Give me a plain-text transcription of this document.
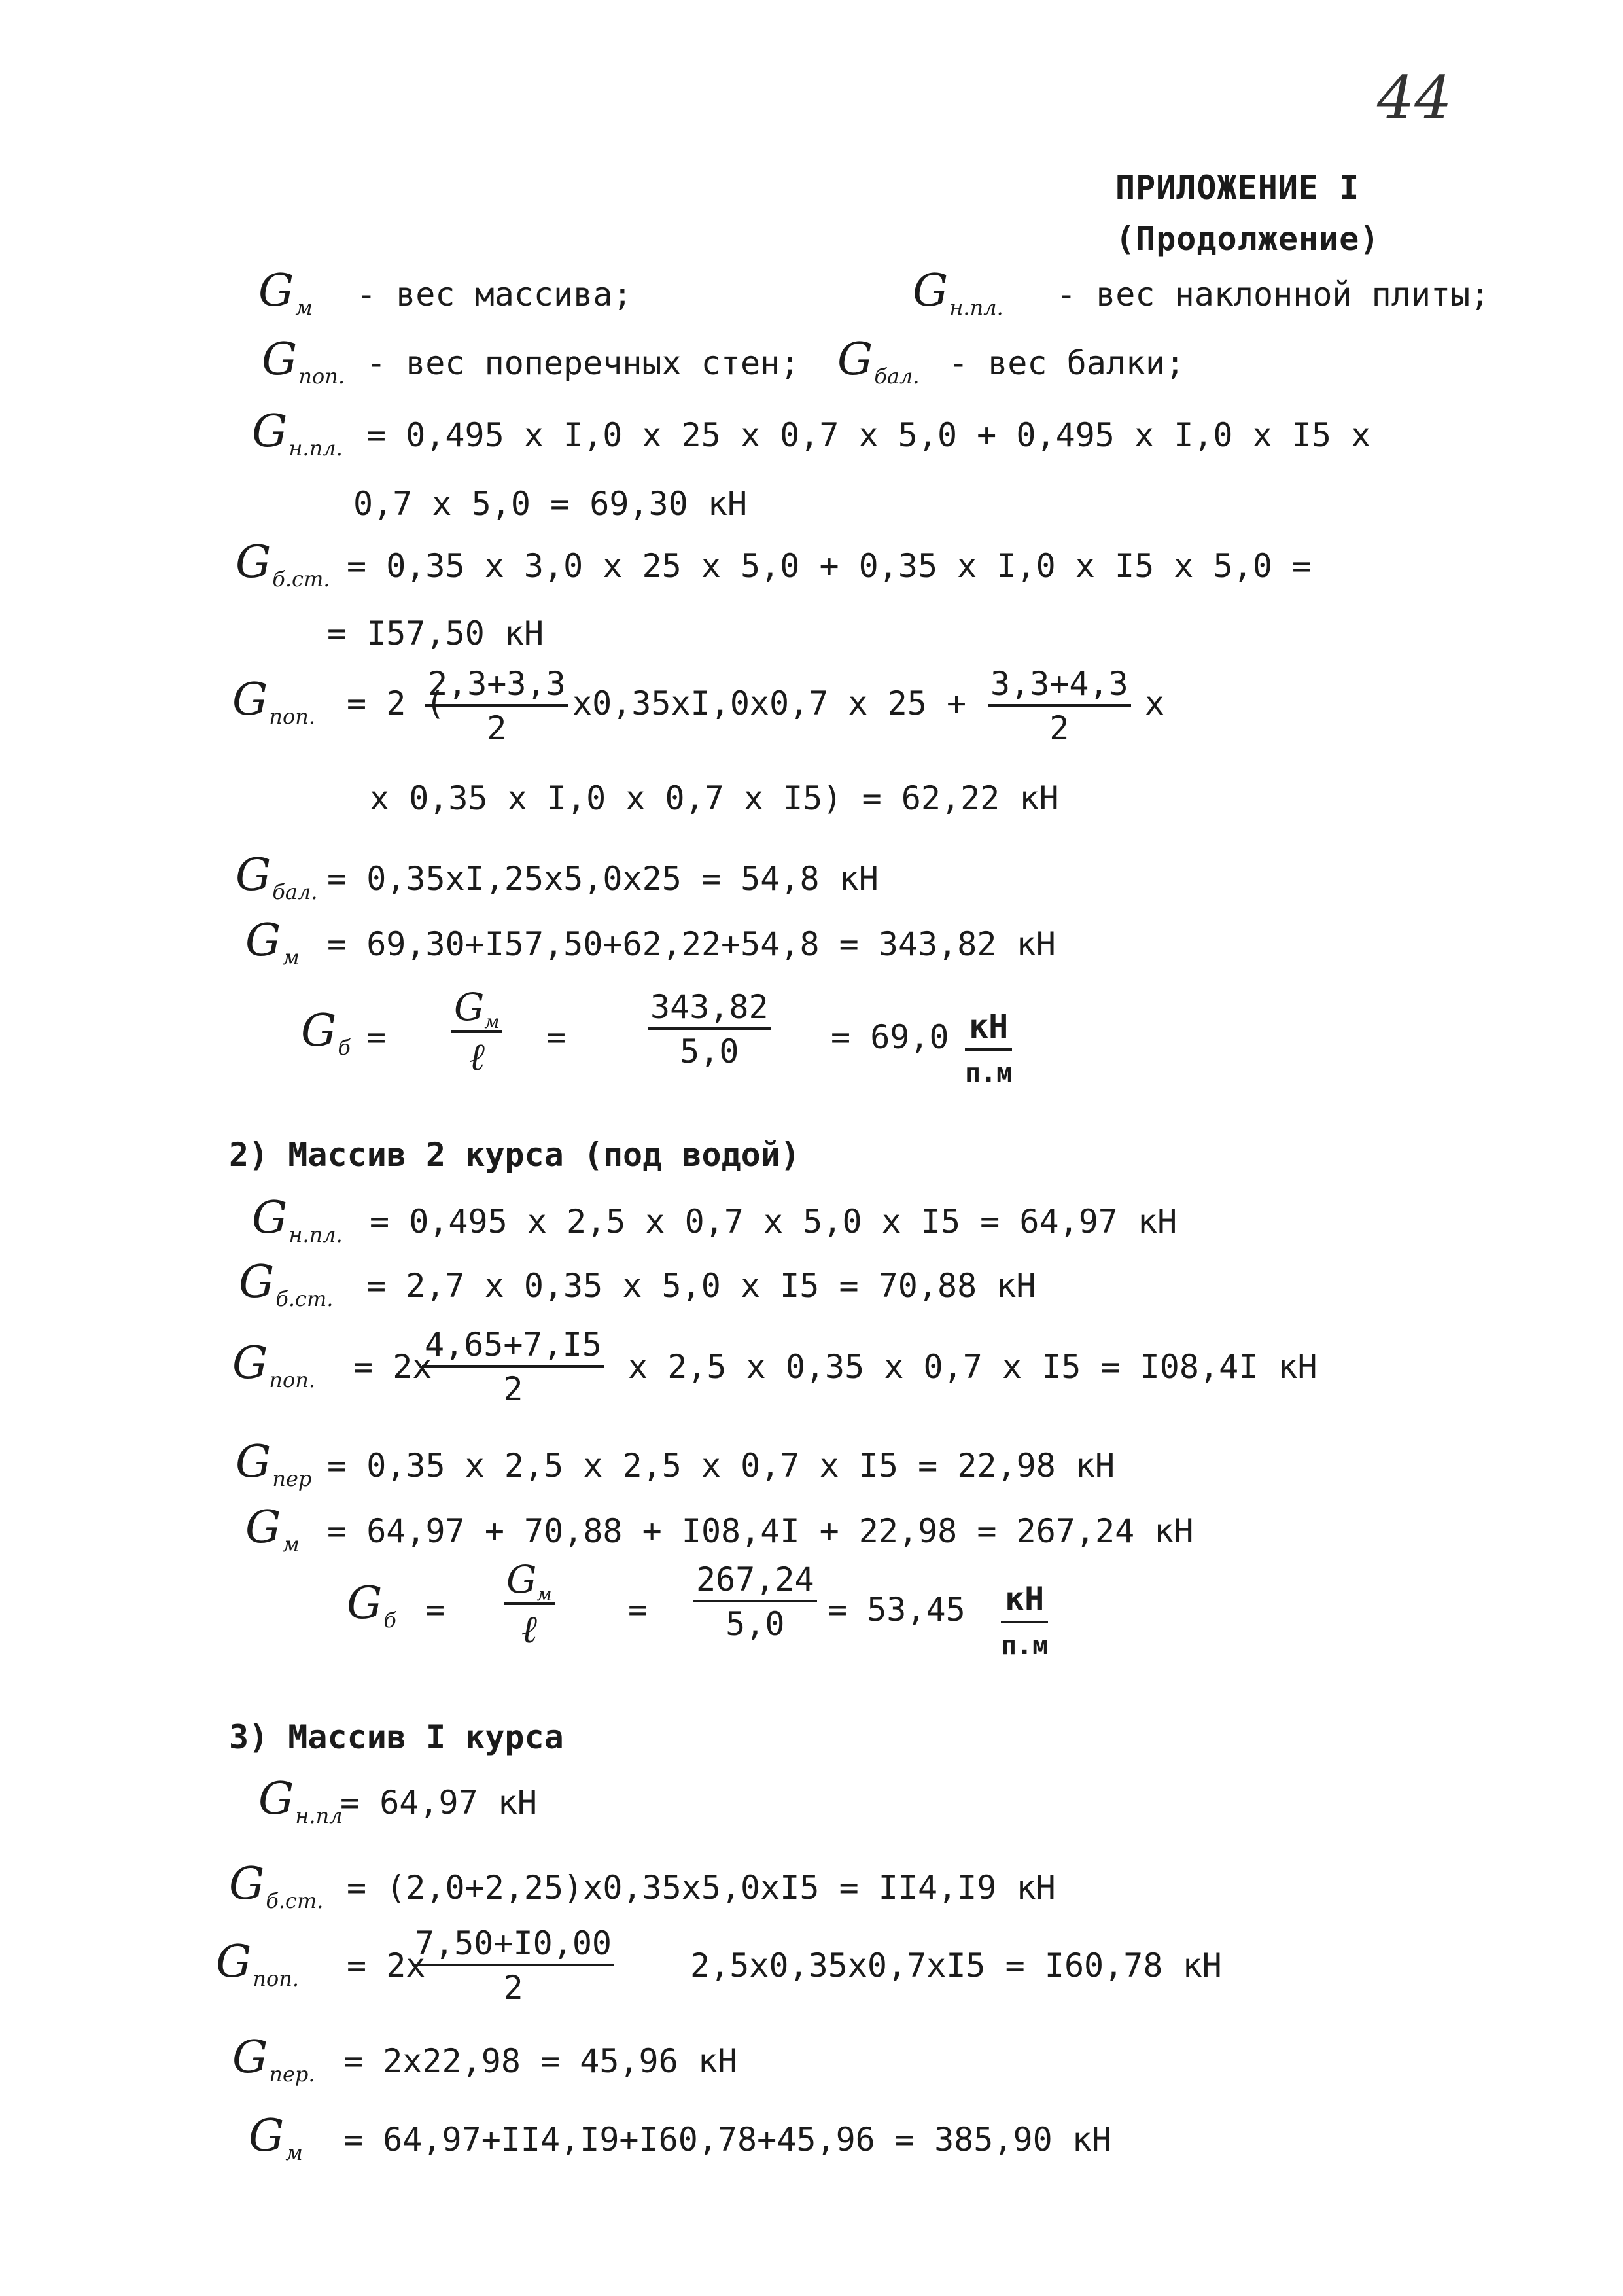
44
ПРИЛОЖЕНИЕ I
(Продолжение)
$G_м$ - вес массива;	$G_{н.пл.}$ - вес наклонной плиты;
$G_{поп.}$ - вес поперечных стен; $G_{бал.}$ - вес балки;
$G_{н.пл.} = 0,495$ x I,0 x 25 x 0,7 x 5,0 + 0,495 x I,0 x I5 x
0,7 x 5,0 = 69,30 кН
$G_{б.ст.} = 0,35$ x 3,0 x 25 x 5,0 + 0,35 x I,0 x I5 x 5,0 =
= I57,50 кН
$G_{поп.} = 2$ (
$\frac{2,3+3,3}{2} x0,35xI,0x0,7$ x $25 + \frac{3,3+4,3}{2}$ x
x 0,35 x I,0 x 0,7 x I5) = 62,22 кН
$G_{бал.} = 0,35xI,25x5,0x25 = 54,8$ кН
$G_м = 69,30+I57,50+62,22+54,8 = 343,82$ кН
$G_б$ =
$G_м$
ℓ	= $\frac{343,82}{5,0} = 69,0$ кН
п.м
2) Массив 2 курса (под водой)
$G_{н.пл.} = 0,495$ x 2,5 x 0,7 x 5,0 x I5 = 64,97 кН
$G_{б.ст.} = 2,7$ x 0,35 x 5,0 x I5 = 70,88 кН
$G_{поп.} = 2x$
$\frac{4,65+7,I5}{2}$ x 2,5 x 0,35 x 0,7 x I5 = I08,4I кН
$G_{пер} = 0,35$ x 2,5 x 2,5 x 0,7 x I5 = 22,98 кН
$G_м = 64,97 + 70,88 + I08,4I + 22,98 = 267,24$ кН
$G_б$ =
$G_м$
ℓ	= $\frac{267,24}{5,0} = 53,45$ кН
п.м
3) Массив I курса
$G_{н.пл}$
= 64,97 кН
$G_{б.ст.} = (2,0+2,25)x0,35x5,0xI5 = II4,I9$ кН
$G_{поп.} = 2x$
$\frac{7,50+I0,00}{2} 2,5x0,35x0,7xI5 = I60,78$ кН
$G_{пер.} = 2x22,98 = 45,96$ кН
$G_м = 64,97+II4,I9+I60,78+45,96 = 385,90$ кН
